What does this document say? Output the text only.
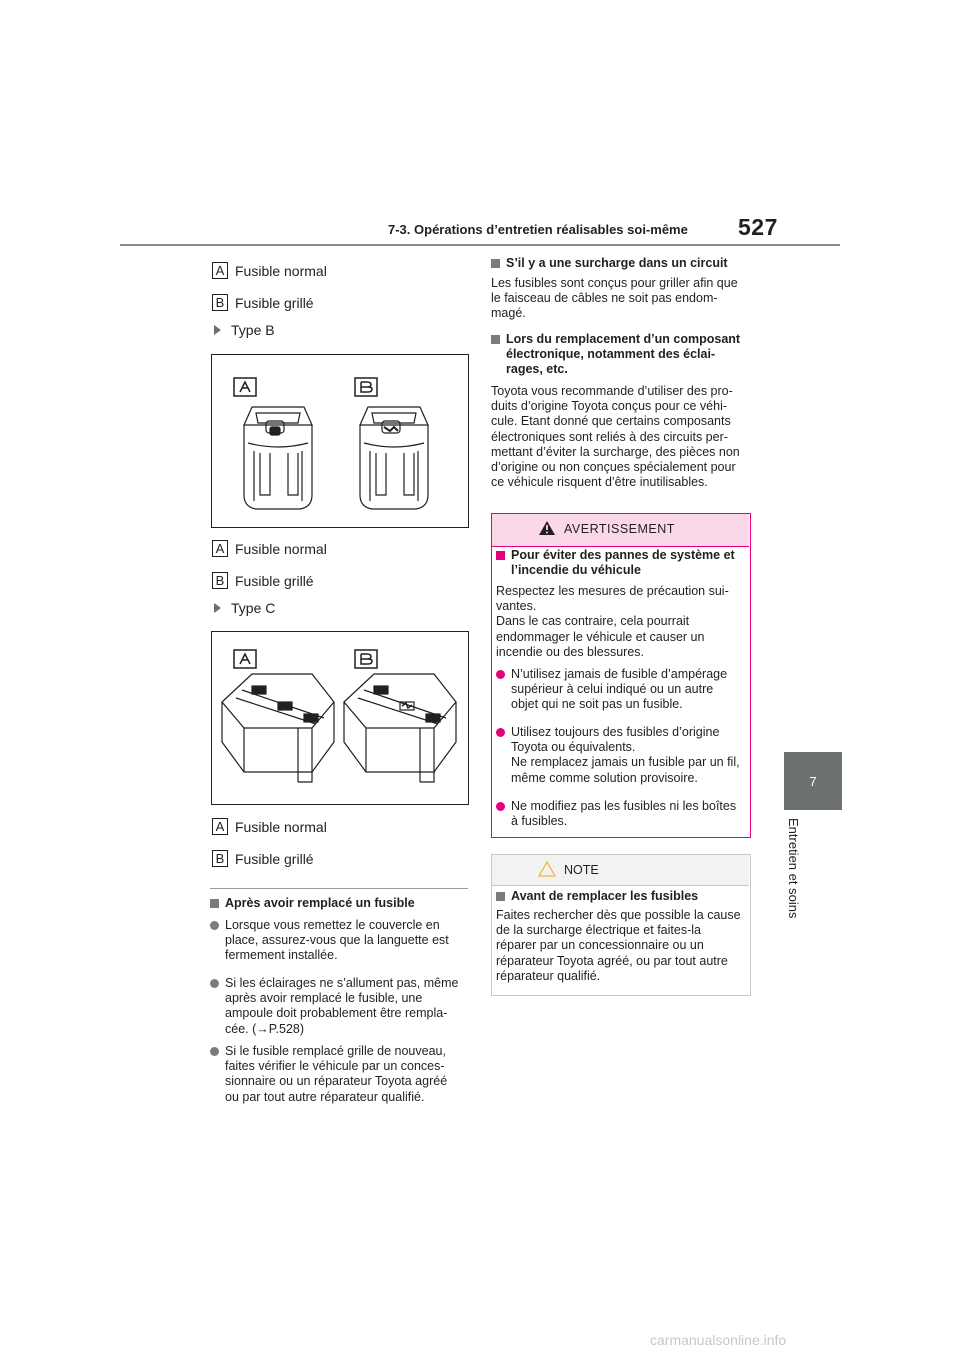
7-3. Opérations d’entretien réalisables soi-même 527
7
Entretien et soins
A Fusible normal
B Fusible grillé
Type B
A Fusible normal
B Fusible grillé
Type C
A Fusible normal
B Fusible grillé
Après avoir remplacé un fusible
Lorsque vous remettez le couvercle en place, assurez-vous que la languette est fermement installée.
Si les éclairages ne s’allument pas, même après avoir remplacé le fusible, une ampoule doit probablement être rempla-cée. (→P.528)
Si le fusible remplacé grille de nouveau, faites vérifier le véhicule par un conces-sionnaire ou un réparateur Toyota agréé ou par tout autre réparateur qualifié.
S’il y a une surcharge dans un circuit
Les fusibles sont conçus pour griller afin que le faisceau de câbles ne soit pas endom-magé.
Lors du remplacement d’un composant électronique, notamment des éclai-rages, etc.
Toyota vous recommande d’utiliser des pro-duits d’origine Toyota conçus pour ce véhi-cule. Etant donné que certains composants électroniques sont reliés à des circuits per-mettant d’éviter la surcharge, des pièces non d’origine ou non conçues spécialement pour ce véhicule risquent d’être inutilisables.
AVERTISSEMENT
Pour éviter des pannes de système et l’incendie du véhicule
Respectez les mesures de précaution sui-vantes.
Dans le cas contraire, cela pourrait endommager le véhicule et causer un incendie ou des blessures.
N’utilisez jamais de fusible d’ampérage supérieur à celui indiqué ou un autre objet qui ne soit pas un fusible.
Utilisez toujours des fusibles d’origine Toyota ou équivalents.
Ne remplacez jamais un fusible par un fil, même comme solution provisoire.
Ne modifiez pas les fusibles ni les boîtes à fusibles.
NOTE
Avant de remplacer les fusibles
Faites rechercher dès que possible la cause de la surcharge électrique et faites-la réparer par un concessionnaire ou un réparateur Toyota agréé, ou par tout autre réparateur qualifié.
carmanualsonline.info
